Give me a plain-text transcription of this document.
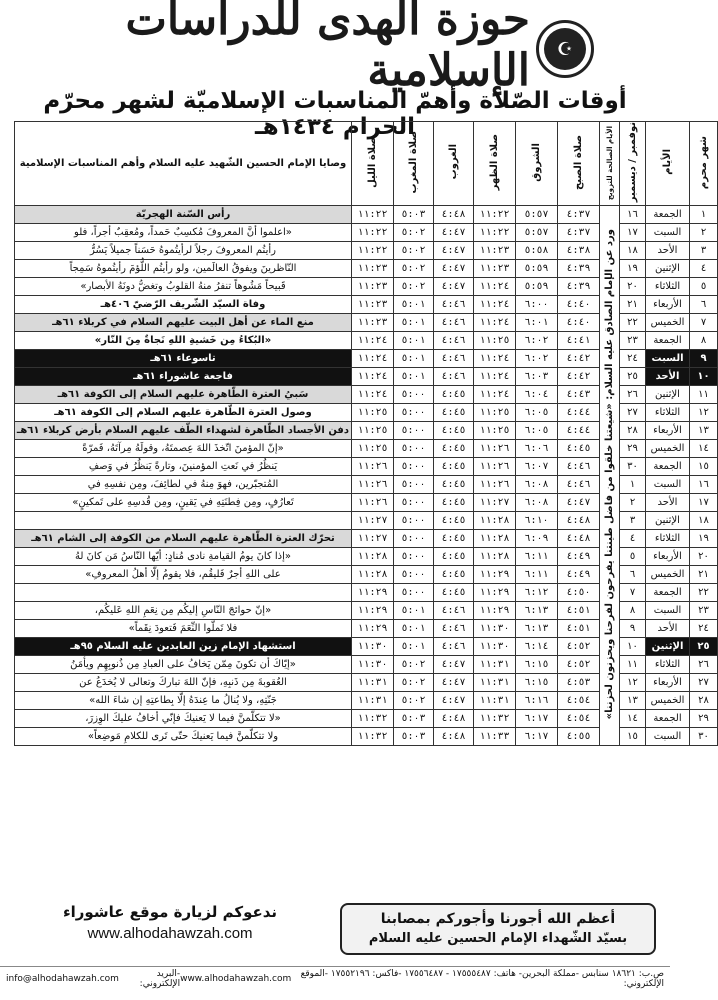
حوزة الهدى للدراسات الإسلامية	☪
أوقات الصّلاة وأهمّ المناسبات الإسلاميّة لشهر محرّم الحرام ١٤٣٤هـ
شهر محرم	الأيام	نوفمبر / ديسمبر	الأيام الصالحة للتزويج	صلاة الصبح	الشروق	صلاة الظهر	الغروب	صلاة المغرب	صلاة الليل	وصايا الإمام الحسين الشّهيد عليه السلام وأهم المناسبات الإسلامية
١	الجمعة	١٦	ورد عن الإمام الصادق عليه السلام: «شيعتنا خلقوا من فاضل طينتنا يفرحون لفرحنا ويحزنون لحزننا»	٤:٣٧	٥:٥٧	١١:٢٢	٤:٤٨	٥:٠٣	١١:٢٢	رأس السّنة الهجريّة
٢	السبت	١٧		٤:٣٧	٥:٥٧	١١:٢٢	٤:٤٧	٥:٠٢	١١:٢٢	«اعلموا أنَّ المعروفَ مُكسِبٌ حَمداً، ومُعقِبٌ أجراً، فلو
٣	الأحد	١٨		٤:٣٨	٥:٥٨	١١:٢٣	٤:٤٧	٥:٠٢	١١:٢٢	رأيتُم المعروفَ رجلاً لرأيتُموهُ حَسَناً جميلاً يَسُرُّ
٤	الإثنين	١٩		٤:٣٩	٥:٥٩	١١:٢٣	٤:٤٧	٥:٠٢	١١:٢٣	النّاظرينَ ويفوقُ العالَمين، ولو رأيتُم اللُّؤمَ رأيتُموهُ سَمِجاً
٥	الثلاثاء	٢٠		٤:٣٩	٥:٥٩	١١:٢٤	٤:٤٧	٥:٠٢	١١:٢٣	قَبيحاً مَشُوهاً تنفرُ منهُ القلوبُ وتغضُّ دونَهُ الأبصار»
٦	الأربعاء	٢١		٤:٤٠	٦:٠٠	١١:٢٤	٤:٤٦	٥:٠١	١١:٢٣	وفاة السيّد الشّريف الرّضيّ ٤٠٦هـ
٧	الخميس	٢٢		٤:٤٠	٦:٠١	١١:٢٤	٤:٤٦	٥:٠١	١١:٢٣	منع الماء عن أهل البيت عليهم السلام في كربلاء ٦١هـ
٨	الجمعة	٢٣		٤:٤١	٦:٠٢	١١:٢٥	٤:٤٦	٥:٠١	١١:٢٤	«البُكاءُ مِن خَشيةِ اللهِ نَجاةٌ مِنَ النّار»
٩	السبت	٢٤		٤:٤٢	٦:٠٢	١١:٢٤	٤:٤٦	٥:٠١	١١:٢٤	تاسوعاء ٦١هـ
١٠	الأحد	٢٥		٤:٤٢	٦:٠٣	١١:٢٤	٤:٤٦	٥:٠١	١١:٢٤	فاجعة عاشوراء ٦١هـ
١١	الإثنين	٢٦		٤:٤٣	٦:٠٤	١١:٢٤	٤:٤٥	٥:٠٠	١١:٢٤	سَبيُ العترة الطّاهرة عليهم السلام إلى الكوفة ٦١هـ
١٢	الثلاثاء	٢٧		٤:٤٤	٦:٠٥	١١:٢٥	٤:٤٥	٥:٠٠	١١:٢٥	وصول العترة الطّاهرة عليهم السلام إلى الكوفة ٦١هـ
١٣	الأربعاء	٢٨		٤:٤٤	٦:٠٥	١١:٢٥	٤:٤٥	٥:٠٠	١١:٢٥	دفن الأجساد الطّاهرة لشهداء الطّف عليهم السلام بأرض كربلاء ٦١هـ
١٤	الخميس	٢٩		٤:٤٥	٦:٠٦	١١:٢٦	٤:٤٥	٥:٠٠	١١:٢٥	«إنّ المؤمنَ اتّخذَ اللهَ عِصمتَهُ، وقولَهُ مِرآتَهُ، فَمرّةً
١٥	الجمعة	٣٠		٤:٤٦	٦:٠٧	١١:٢٦	٤:٤٥	٥:٠٠	١١:٢٦	يَنظُرُ في نَعتِ المؤمنينَ، وتارةً يَنظُرُ في وَصفِ
١٦	السبت	١		٤:٤٦	٦:٠٨	١١:٢٦	٤:٤٥	٥:٠٠	١١:٢٦	المُتجبّرين، فهوَ مِنهُ في لطائِفَ، ومِن نفسِهِ في
١٧	الأحد	٢		٤:٤٧	٦:٠٨	١١:٢٧	٤:٤٥	٥:٠٠	١١:٢٦	تَعارُفٍ، ومِن فِطنَتِهِ في يَقينٍ، ومِن قُدسِهِ على تَمكينٍ»
١٨	الإثنين	٣		٤:٤٨	٦:١٠	١١:٢٨	٤:٤٥	٥:٠٠	١١:٢٧	
١٩	الثلاثاء	٤		٤:٤٨	٦:٠٩	١١:٢٨	٤:٤٥	٥:٠٠	١١:٢٧	تحرّك العترة الطّاهرة عليهم السلام من الكوفة إلى الشام ٦١هـ
٢٠	الأربعاء	٥		٤:٤٩	٦:١١	١١:٢٨	٤:٤٥	٥:٠٠	١١:٢٨	«إذا كانَ يومُ القيامةِ نادى مُنادٍ: أيّها النّاسُ مَن كانَ لهُ
٢١	الخميس	٦		٤:٤٩	٦:١١	١١:٢٩	٤:٤٥	٥:٠٠	١١:٢٨	على اللهِ أجرٌ فَليقُم، فلا يقومُ إلّا أهلُ المعروفِ»
٢٢	الجمعة	٧		٤:٥٠	٦:١٢	١١:٢٩	٤:٤٥	٥:٠٠	١١:٢٩	
٢٣	السبت	٨		٤:٥١	٦:١٣	١١:٢٩	٤:٤٦	٥:٠١	١١:٢٩	«إنّ حوائجَ النّاسِ إليكُم مِن نِعَمِ اللهِ عَليكُم،
٢٤	الأحد	٩		٤:٥١	٦:١٣	١١:٣٠	٤:٤٦	٥:٠١	١١:٢٩	فلا تَملّوا النِّعَمَ فَتعودَ نِقَماً»
٢٥	الإثنين	١٠		٤:٥٢	٦:١٤	١١:٣٠	٤:٤٦	٥:٠١	١١:٣٠	استشهاد الإمام زين العابدين عليه السلام ٩٥هـ
٢٦	الثلاثاء	١١		٤:٥٢	٦:١٥	١١:٣١	٤:٤٧	٥:٠٢	١١:٣٠	«إيّاكَ أن تكونَ مِمّن يَخافُ على العبادِ مِن ذُنوبِهِم ويأمَنُ
٢٧	الأربعاء	١٢		٤:٥٣	٦:١٥	١١:٣١	٤:٤٧	٥:٠٢	١١:٣١	العُقوبةَ مِن ذَنبِهِ، فإنّ اللهَ تباركَ وتعالى لا يُخدَعُ عن
٢٨	الخميس	١٣		٤:٥٤	٦:١٦	١١:٣١	٤:٤٧	٥:٠٢	١١:٣١	جَنّتِهِ، ولا يُنالُ ما عِندَهُ إلّا بِطاعتِهِ إن شاءَ الله»
٢٩	الجمعة	١٤		٤:٥٤	٦:١٧	١١:٣٢	٤:٤٨	٥:٠٣	١١:٣٢	«لا تتكلّمنَّ فيما لا يَعنيكَ فإنّي أخافُ عليكَ الوِزرَ،
٣٠	السبت	١٥		٤:٥٥	٦:١٧	١١:٣٣	٤:٤٨	٥:٠٣	١١:٣٢	ولا تتكلّمنَّ فيما يَعنيكَ حتّى تَرى للكلامِ مَوضِعاً»
ندعوكم لزيارة موقع عاشوراء
www.alhodahawzah.com
أعظم الله أجورنا وأجوركم بمصابنا
بسيّد الشّهداء الإمام الحسين عليه السلام
info@alhodahawzah.com	-البريد الإلكتروني: www.alhodahawzah.com	ص.ب: ١٨٦٢١ سنابس -مملكة البحرين- هاتف: ١٧٥٥٥٤٨٧ - ١٧٥٥٦٤٨٧ -فاكس: ١٧٥٥٢١٩٦ -الموقع الإلكتروني:
